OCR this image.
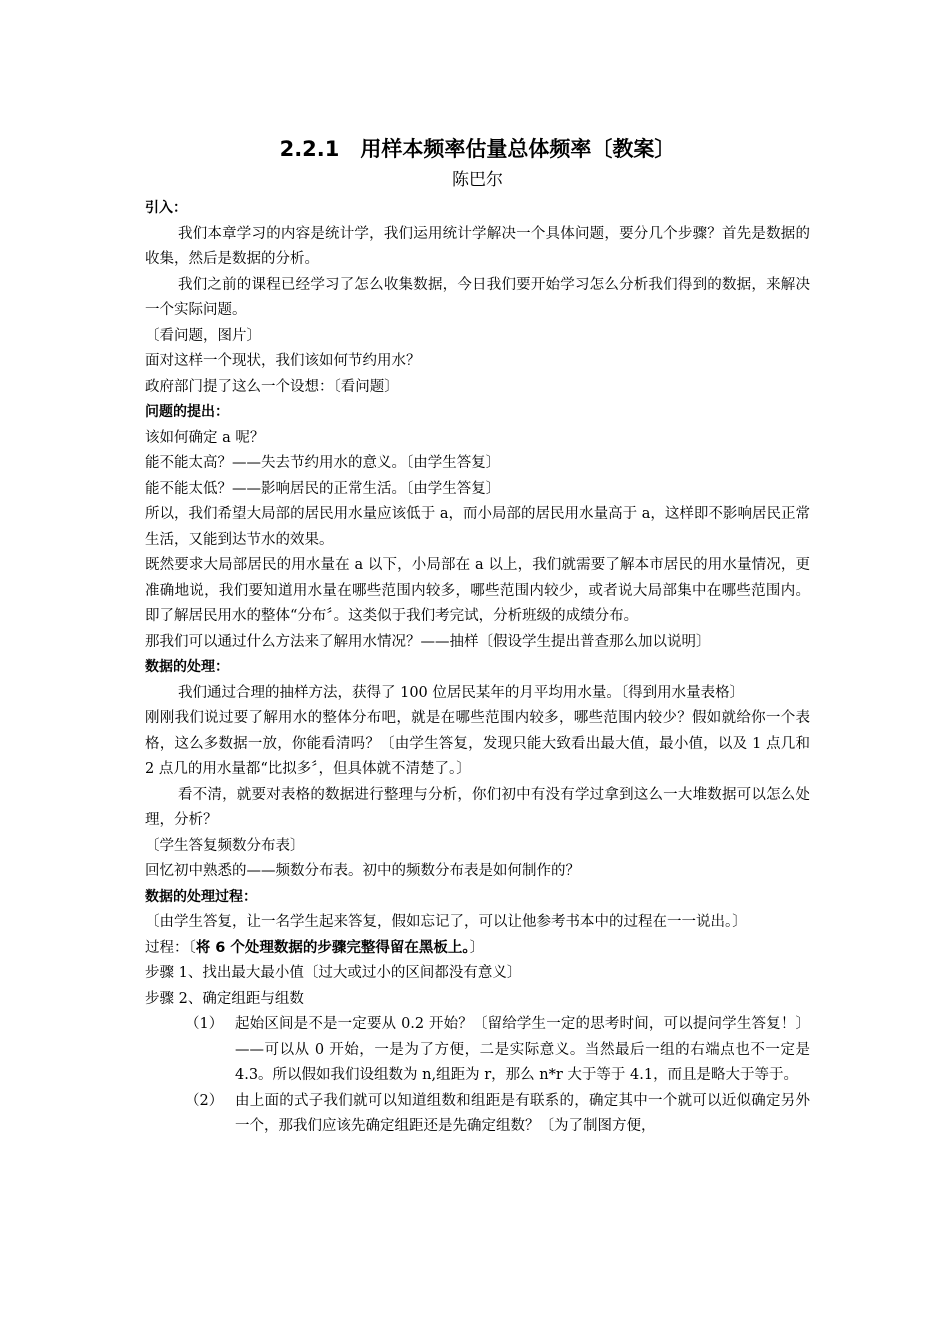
2.2.1　用样本频率估量总体频率〔教案〕
陈巴尔

引入：

我们本章学习的内容是统计学，我们运用统计学解决一个具体问题，要分几个步骤？首先是数据的收集，然后是数据的分析。

我们之前的课程已经学习了怎么收集数据，今日我们要开始学习怎么分析我们得到的数据，来解决一个实际问题。

〔看问题，图片〕

面对这样一个现状，我们该如何节约用水？

政府部门提了这么一个设想：〔看问题〕

问题的提出：

该如何确定 a 呢？

能不能太高？——失去节约用水的意义。〔由学生答复〕

能不能太低？——影响居民的正常生活。〔由学生答复〕

所以，我们希望大局部的居民用水量应该低于 a，而小局部的居民用水量高于 a，这样即不影响居民正常生活，又能到达节水的效果。

既然要求大局部居民的用水量在 a 以下，小局部在 a 以上，我们就需要了解本市居民的用水量情况，更准确地说，我们要知道用水量在哪些范围内较多，哪些范围内较少，或者说大局部集中在哪些范围内。即了解居民用水的整体“分布〞。这类似于我们考完试，分析班级的成绩分布。

那我们可以通过什么方法来了解用水情况？——抽样〔假设学生提出普查那么加以说明〕

数据的处理：

我们通过合理的抽样方法，获得了 100 位居民某年的月平均用水量。〔得到用水量表格〕

刚刚我们说过要了解用水的整体分布吧，就是在哪些范围内较多，哪些范围内较少？假如就给你一个表格，这么多数据一放，你能看清吗？〔由学生答复，发现只能大致看出最大值，最小值，以及 1 点几和 2 点几的用水量都“比拟多〞，但具体就不清楚了。〕

看不清，就要对表格的数据进行整理与分析，你们初中有没有学过拿到这么一大堆数据可以怎么处理，分析？

〔学生答复频数分布表〕

回忆初中熟悉的——频数分布表。初中的频数分布表是如何制作的？

数据的处理过程：

〔由学生答复，让一名学生起来答复，假如忘记了，可以让他参考书本中的过程在一一说出。〕

过程：〔将 6 个处理数据的步骤完整得留在黑板上。〕

步骤 1、找出最大最小值〔过大或过小的区间都没有意义〕

步骤 2、确定组距与组数

（1） 起始区间是不是一定要从 0.2 开始？〔留给学生一定的思考时间，可以提问学生答复！〕——可以从 0 开始，一是为了方便，二是实际意义。当然最后一组的右端点也不一定是 4.3。所以假如我们设组数为 n,组距为 r，那么 n*r 大于等于 4.1，而且是略大于等于。

（2） 由上面的式子我们就可以知道组数和组距是有联系的，确定其中一个就可以近似确定另外一个，那我们应该先确定组距还是先确定组数？〔为了制图方便，
